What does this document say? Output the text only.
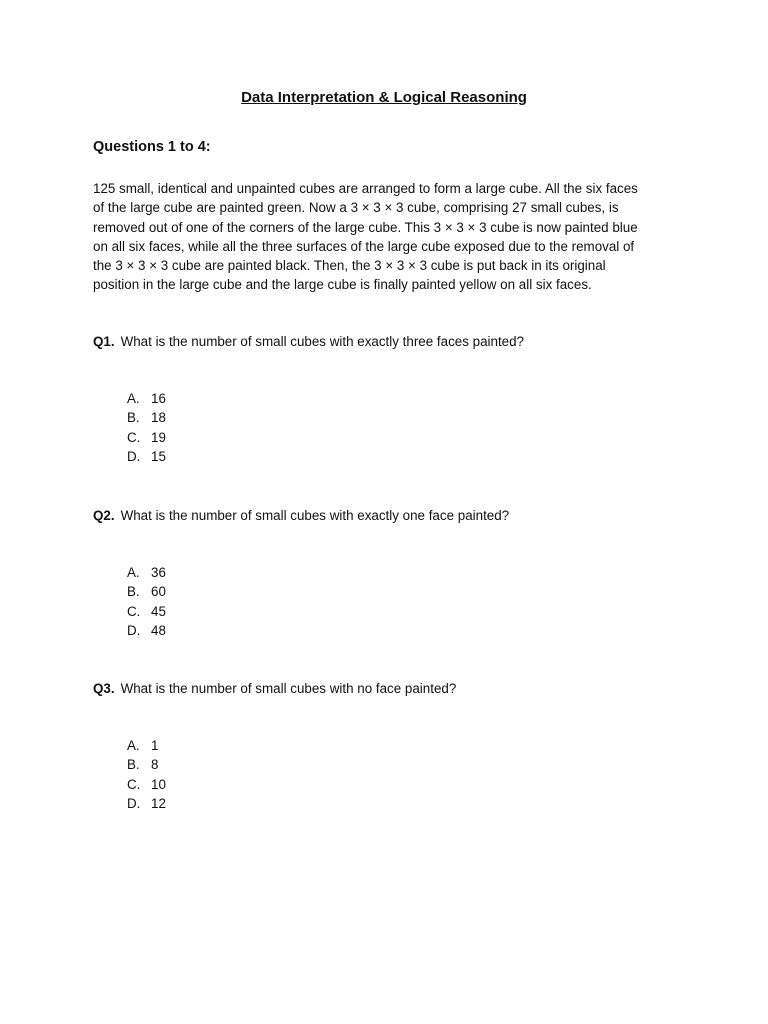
Data Interpretation & Logical Reasoning
Questions 1 to 4:
125 small, identical and unpainted cubes are arranged to form a large cube. All the six faces
of the large cube are painted green. Now a 3 × 3 × 3 cube, comprising 27 small cubes, is
removed out of one of the corners of the large cube. This 3 × 3 × 3 cube is now painted blue
on all six faces, while all the three surfaces of the large cube exposed due to the removal of
the 3 × 3 × 3 cube are painted black. Then, the 3 × 3 × 3 cube is put back in its original
position in the large cube and the large cube is finally painted yellow on all six faces.
Q1. What is the number of small cubes with exactly three faces painted?
A. 16
B. 18
C. 19
D. 15
Q2. What is the number of small cubes with exactly one face painted?
A. 36
B. 60
C. 45
D. 48
Q3. What is the number of small cubes with no face painted?
A. 1
B. 8
C. 10
D. 12
